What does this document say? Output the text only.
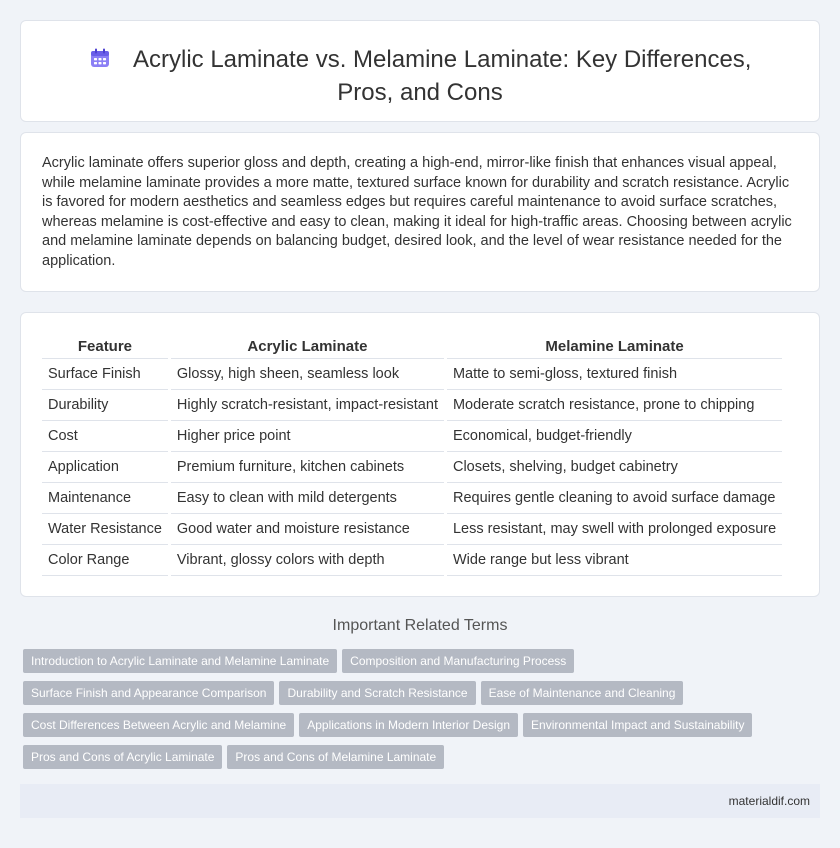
Acrylic Laminate vs. Melamine Laminate: Key Differences, Pros, and Cons

Acrylic laminate offers superior gloss and depth, creating a high-end, mirror-like finish that enhances visual appeal, while melamine laminate provides a more matte, textured surface known for durability and scratch resistance. Acrylic is favored for modern aesthetics and seamless edges but requires careful maintenance to avoid surface scratches, whereas melamine is cost-effective and easy to clean, making it ideal for high-traffic areas. Choosing between acrylic and melamine laminate depends on balancing budget, desired look, and the level of wear resistance needed for the application.

Feature	Acrylic Laminate	Melamine Laminate
Surface Finish	Glossy, high sheen, seamless look	Matte to semi-gloss, textured finish
Durability	Highly scratch-resistant, impact-resistant	Moderate scratch resistance, prone to chipping
Cost	Higher price point	Economical, budget-friendly
Application	Premium furniture, kitchen cabinets	Closets, shelving, budget cabinetry
Maintenance	Easy to clean with mild detergents	Requires gentle cleaning to avoid surface damage
Water Resistance	Good water and moisture resistance	Less resistant, may swell with prolonged exposure
Color Range	Vibrant, glossy colors with depth	Wide range but less vibrant
Important Related Terms
Introduction to Acrylic Laminate and Melamine Laminate Composition and Manufacturing Process
Surface Finish and Appearance Comparison Durability and Scratch Resistance Ease of Maintenance and Cleaning
Cost Differences Between Acrylic and Melamine Applications in Modern Interior Design Environmental Impact and Sustainability
Pros and Cons of Acrylic Laminate Pros and Cons of Melamine Laminate
materialdif.com
